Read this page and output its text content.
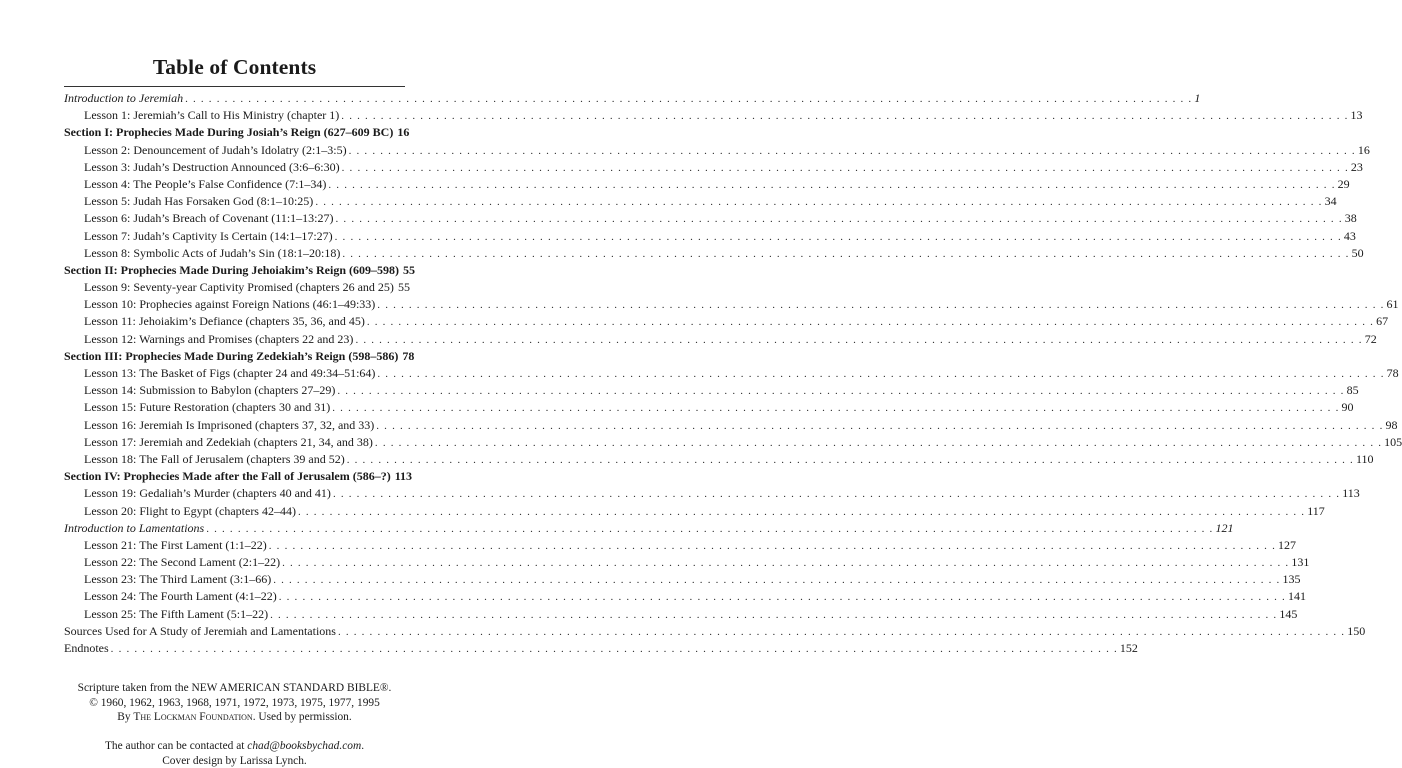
Table of Contents
Introduction to Jeremiah . . .	1
Lesson 1: Jeremiah’s Call to His Ministry (chapter 1) . . .	13
Section I: Prophecies Made During Josiah’s Reign (627–609 BC) 16
Lesson 2: Denouncement of Judah’s Idolatry (2:1–3:5) . . .	16
Lesson 3: Judah’s Destruction Announced (3:6–6:30) . . .	23
Lesson 4: The People’s False Confidence (7:1–34) . . .	29
Lesson 5: Judah Has Forsaken God (8:1–10:25) . . .	34
Lesson 6: Judah’s Breach of Covenant (11:1–13:27) . . .	38
Lesson 7: Judah’s Captivity Is Certain (14:1–17:27) . . .	43
Lesson 8: Symbolic Acts of Judah’s Sin (18:1–20:18) . . .	50
Section II: Prophecies Made During Jehoiakim’s Reign (609–598) 55
Lesson 9: Seventy-year Captivity Promised (chapters 26 and 25) 55
Lesson 10: Prophecies against Foreign Nations (46:1–49:33) . . .	61
Lesson 11: Jehoiakim’s Defiance (chapters 35, 36, and 45) . . .	67
Lesson 12: Warnings and Promises (chapters 22 and 23) . . .	72
Section III: Prophecies Made During Zedekiah’s Reign (598–586) 78
Lesson 13: The Basket of Figs (chapter 24 and 49:34–51:64) . . .	78
Lesson 14: Submission to Babylon (chapters 27–29) . . .	85
Lesson 15: Future Restoration (chapters 30 and 31) . . .	90
Lesson 16: Jeremiah Is Imprisoned (chapters 37, 32, and 33) . . .	98
Lesson 17: Jeremiah and Zedekiah (chapters 21, 34, and 38) . . .	105
Lesson 18: The Fall of Jerusalem (chapters 39 and 52) . . .	110
Section IV: Prophecies Made after the Fall of Jerusalem (586–?) 113
Lesson 19: Gedaliah’s Murder (chapters 40 and 41) . . .	113
Lesson 20: Flight to Egypt (chapters 42–44) . . .	117
Introduction to Lamentations . . .	121
Lesson 21: The First Lament (1:1–22) . . .	127
Lesson 22: The Second Lament (2:1–22) . . .	131
Lesson 23: The Third Lament (3:1–66) . . .	135
Lesson 24: The Fourth Lament (4:1–22) . . .	141
Lesson 25: The Fifth Lament (5:1–22) . . .	145
Sources Used for A Study of Jeremiah and Lamentations . . .	150
Endnotes . . .	152

Scripture taken from the NEW AMERICAN STANDARD BIBLE®.

© 1960, 1962, 1963, 1968, 1971, 1972, 1973, 1975, 1977, 1995

By The Lockman Foundation. Used by permission.

The author can be contacted at chad@booksbychad.com.

Cover design by Larissa Lynch.
